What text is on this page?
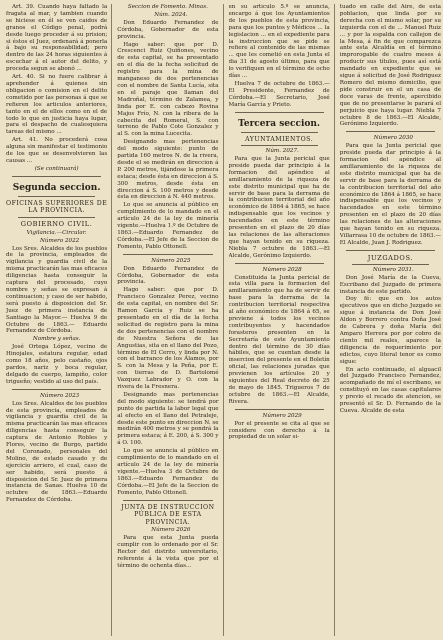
Art. 39. Cuando haya faltado la fragata al mar, y tambien cuando se hiciese en él se ven caidos de granos el Código penal, podrá desde luego proceder á su prision; si éstos el Juez, ordenará á ponerla á bajo su responsabilidad; pero dentro de las 24 horas siguientes á escuchar á el autor del delito, y proceda segun se abonó ...

Art. 40. Si no fuere calibrar á aprehender á quienes sin obligacion o comision en el delito cometido por las personas á que se refieren los articulos anteriores, tanto en el de ellos como en el de todo lo que en justicia haya lugar, para el despacho de cualesquiera tareas del mismo ...

Art. 41. No procederá cosa alguna sin manifestar el testimonio de los que se desenvolvieren las causas ...

(Se continuará)

Segunda seccion.
OFICINAS SUPERIORES DE LA PROVINCIA.
GOBIERNO CIVIL.

Vigilancia.—Circular.

Número 2022

Los Sres. Alcaldes de los pueblos de la provincia, empleados de vigilancia y guardia civil de la misma practicarán las mas eficaces diligencias hasta conseguir la captura del procesado, cuyo nombre y señas se expresan á continuacion; y caso de ser habido, será puesto á disposicion del Sr. Juez de primera instancia de Santiago la Mayor.— Huelva 9 de Octubre de 1863.— Eduardo Fernandez de Córdoba.

Nombre y señas.

José Ortega López, vecino de Hinojales, estatura regular, edad como 18 años, pelo castaño, ojos pardos, nariz y boca regular, delgado de cuerpo, lampiño, color trigueño; vestido al uso del país.

Número 2023

Los Sres. Alcaldes de los pueblos de esta provincia, empleados de vigilancia y guardia civil de la misma practicarán las mas eficaces diligencias hasta conseguir la captura de Antonio Robles y Flores, vecino de Burgo, partido del Coronado, personales del Molino, de estado casado y de ejercicio arriero, el cual, caso de ser habido, será puesto á disposicion del Sr. Juez de primera instancia de Sanas. Huelva 10 de octubre de 1863.—Eduardo Fernandez de Córdoba.

Seccion de Fomento. Minas.

Núm. 2024.

Don Eduardo Fernandez de Córdoba, Gobernador de esta provincia.

Hago saber: que por D. Crescenci Ruiz Quiñones, vecino de esta capital, se ha presentado en el día de la fecha solicitud de registro para la mina de manganeso de dos pertenencias con el nombre de Santa Lucía, sita en el paraje que llaman del Madroñal, término de Zalamea, y linda por E. con cabezo Rovina Majos Frío, N. con la ribera de la cabecita del Romeral, S. con terreno de Pablo Cote Gonzalez y al S. con la mina Lucecita.

Designando mas pertenencias del modo siguiente: punto de partida 160 metros N. de la rivera, desde el se medirán en direccion á P. 200 metros, tijándose la primera estaca; desde ésta en direccion á S. 300 metros, desde ésta en direccion á S. 100 metros y desde ésta en direccion á N. 440 metros.

Lo que se anuncia al público en cumplimiento de lo mandado en el artículo 24 de la ley de minería vigente.—Huelva 1.º de Octubre de 1863.—Eduardo Fernandez de Córdoba.—El Jefe de la Seccion de Fomento, Pablo Ottonell.

Número 2025

Don Eduardo Fernandez de Córdoba, Gobernador de esta provincia.

Hago saber: que por D. Francisco Gonzalez Perez, vecino de esta capital, en nombre del Sr. Ramon Garcia y Ruiz se ha presentado en el día de la fecha solicitud de registro para la mina de dos pertenencias con el nombre de Nuestra Señora de las Angustias, sita en el llano del Pozo, término de El Cerro, y linda por N. con el barranco de los Álamos, por S. con la Mesa y la Peña, por E. con tierras de D. Bartolomé Vazquez Labrador y O. con la rivera de la Fresnera.

Designando mas pertenencias del modo siguiente: se tendrá por punto de partida la labor legal que al efecto en el llano del Petraleje, desde este punto en direccion N. se medirán 400 metros y se pondrá la primera estaca; á E. 200, á S. 300 y á O. 100.

Lo que se anuncia al público en cumplimiento de lo mandado en el artículo 24 de la ley de minería vigente.—Huelva 3 de Octubre de 1863.—Eduardo Fernandez de Córdoba.—El Jefe de la Seccion de Fomento, Pablo Ottonell.

JUNTA DE INSTRUCCION PÚBLICA DE ESTA PROVINCIA.

Número 2026

Para que esta Junta pueda cumplir con lo ordenado por el Sr. Rector del distrito universitario, referente á la vista que por el término de ochenta días...

en su artículo 5.º se anuncia, encargo á que los Ayuntamientos de los pueblos de esta provincia, para que los puntos y Médicos ... la legislacion ... en el expediente para la instruccion que se pide se refiere al contenido de las mismas ... que les cometió en esta Junta el dia 31 de agosto último, para que lo verifiquen en el término de ocho días ...

Huelva 7 de octubre de 1863.—El Presidente, Fernandez de Córdoba.—El Secretario, José María García y Prieto.

Tercera seccion.
AYUNTAMIENTOS.

Núm. 2027.

Para que la Junta pericial que preside pueda dar principio á la formacion del apéndice al amillaramiento de la riqueza de este distrito municipal que ha de servir de base para la derrama de la contribucion territorial del año económico de 1864 á 1865, se hace indispensable que los vecinos y hacendados en este término presenten en el plazo de 20 días las relaciones de las alteraciones que hayan tenido en su riqueza. Niebla 7 octubre de 1863.—El Alcalde, Gerónimo Izquierdo.

Número 2028

Constituida la Junta pericial de esta villa para la formacion del amillaramiento que ha de servir de base para la derrama de la contribucion territorial respectiva al año económico de 1864 á 65, se previene á todos los vecinos contribuyentes y hacendados forasteros presenten en la Secretaría de este Ayuntamiento dentro del término de 30 días hábiles, que se cuentan desde la insercion del presente en el Boletín oficial, las relaciones juradas que previenen los artículos 20 y siguientes del Real decreto de 25 de mayo de 1845. Trigueros 7 de octubre de 1863.—El Alcalde, Rivera.

Número 2029

Por el presente se cita al que se considere con derecho á la propiedad de un solar si-

tuado en calle del Aire, de esta poblacion, que linda por su derecha con el mismo solar, por su izquierda con el de ... Manuel Ruiz ... y por la espalda con callejon de la Mesa, á fin de que comparezca ante esta Alcaldía en el término improrogable de cuatro meses á producir sus títulos, pues así está mandado en expediente que se sigue á solicitud de José Rodriguez Romero del mismo domicilio, que pide construir en el un casa de doce varas de frente, apercibido que de no presentarse le parará el perjuicio que haya lugar. Niebla 7 octubre 8 de 1863.—El Alcalde, Gerónimo Izquierdo.

Número 2030

Para que la Junta pericial que preside pueda dar principio á la formacion del apéndice al amillaramiento de la riqueza de este distrito municipal que ha de servir de base para la derrama de la contribucion territorial del año económico de 1864 á 1865, se hace indispensable que los vecinos y hacendados en este término presenten en el plazo de 20 días las relaciones de las alteraciones que hayan tenido en su riqueza. Villarrasa 10 de octubre de 1863.—El Alcalde, Juan J. Rodriguez.

JUZGADOS.

Número 2031.

Don José María de la Cueva, Escribano del Juzgado de primera instancia de este partido.

Doy fé: que en los autos ejecutivos que en dicho Juzgado se sigue á instancia de Don José Aldon y Borrero contra Doña José de Cabrera y doña María del Amparo Herrera por por cobro de ciento mil reales, aparece la diligencia de requerimiento por edictos, cuyo literal tenor es como sigue:

En acto continuado, el alguacil del Juzgado Francisco Fernandez, acompañado de mí el escribano, se constituyó en las casas capitulares y previo el recado de atencion, se presentó el Sr. D. Fernando de la Cueva. Alcalde de esta
